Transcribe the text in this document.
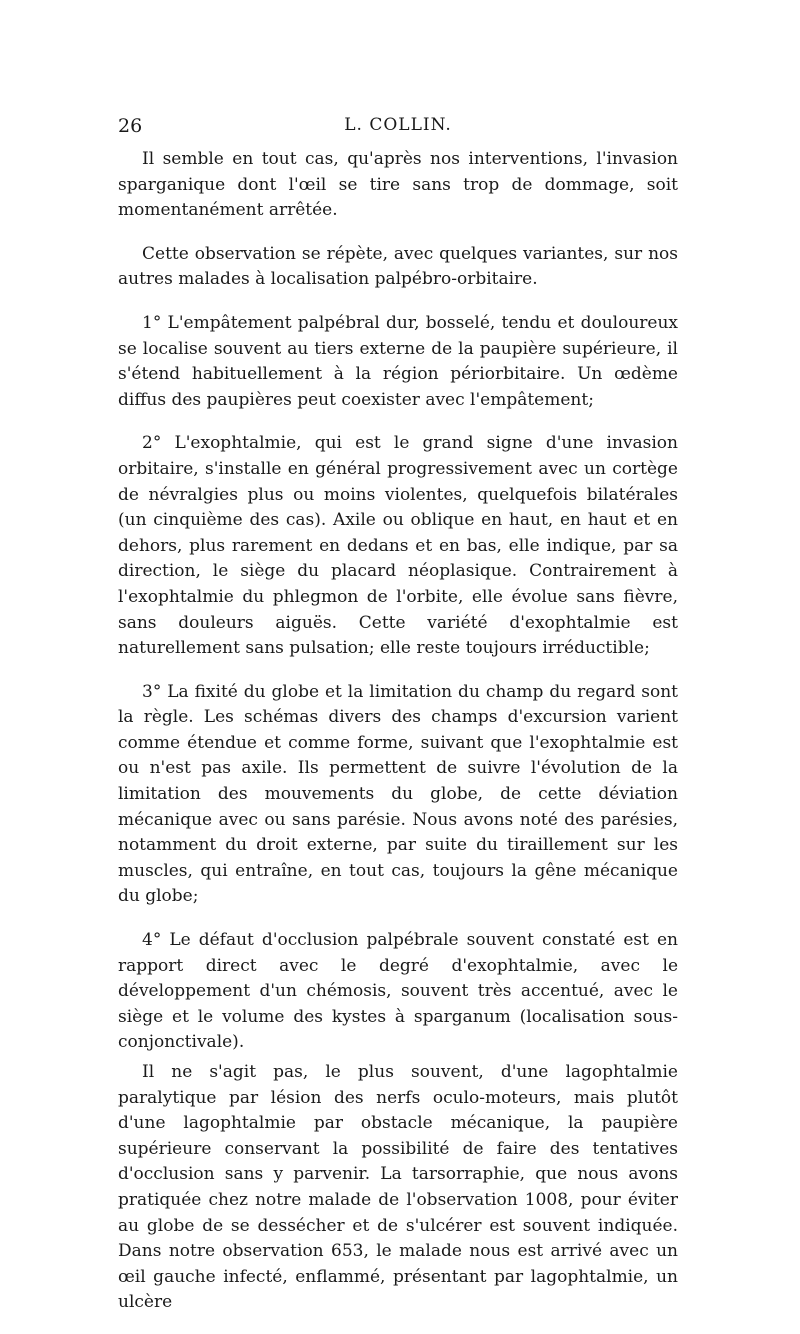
26	L. COLLIN.

Il semble en tout cas, qu'après nos interventions, l'invasion sparganique dont l'œil se tire sans trop de dommage, soit momentanément arrêtée.

Cette observation se répète, avec quelques variantes, sur nos autres malades à localisation palpébro-orbitaire.

1° L'empâtement palpébral dur, bosselé, tendu et douloureux se localise souvent au tiers externe de la paupière supérieure, il s'étend habituellement à la région périorbitaire. Un œdème diffus des paupières peut coexister avec l'empâtement;

2° L'exophtalmie, qui est le grand signe d'une invasion orbitaire, s'installe en général progressivement avec un cortège de névralgies plus ou moins violentes, quelquefois bilatérales (un cinquième des cas). Axile ou oblique en haut, en haut et en dehors, plus rarement en dedans et en bas, elle indique, par sa direction, le siège du placard néoplasique. Contrairement à l'exophtalmie du phlegmon de l'orbite, elle évolue sans fièvre, sans douleurs aiguës. Cette variété d'exophtalmie est naturellement sans pulsation; elle reste toujours irréductible;

3° La fixité du globe et la limitation du champ du regard sont la règle. Les schémas divers des champs d'excursion varient comme étendue et comme forme, suivant que l'exophtalmie est ou n'est pas axile. Ils permettent de suivre l'évolution de la limitation des mouvements du globe, de cette déviation mécanique avec ou sans parésie. Nous avons noté des parésies, notamment du droit externe, par suite du tiraillement sur les muscles, qui entraîne, en tout cas, toujours la gêne mécanique du globe;

4° Le défaut d'occlusion palpébrale souvent constaté est en rapport direct avec le degré d'exophtalmie, avec le développement d'un chémosis, souvent très accentué, avec le siège et le volume des kystes à sparganum (localisation sous-conjonctivale).

Il ne s'agit pas, le plus souvent, d'une lagophtalmie paralytique par lésion des nerfs oculo-moteurs, mais plutôt d'une lagophtalmie par obstacle mécanique, la paupière supérieure conservant la possibilité de faire des tentatives d'occlusion sans y parvenir. La tarsorraphie, que nous avons pratiquée chez notre malade de l'observation 1008, pour éviter au globe de se dessécher et de s'ulcérer est souvent indiquée. Dans notre observation 653, le malade nous est arrivé avec un œil gauche infecté, enflammé, présentant par lagophtalmie, un ulcère
